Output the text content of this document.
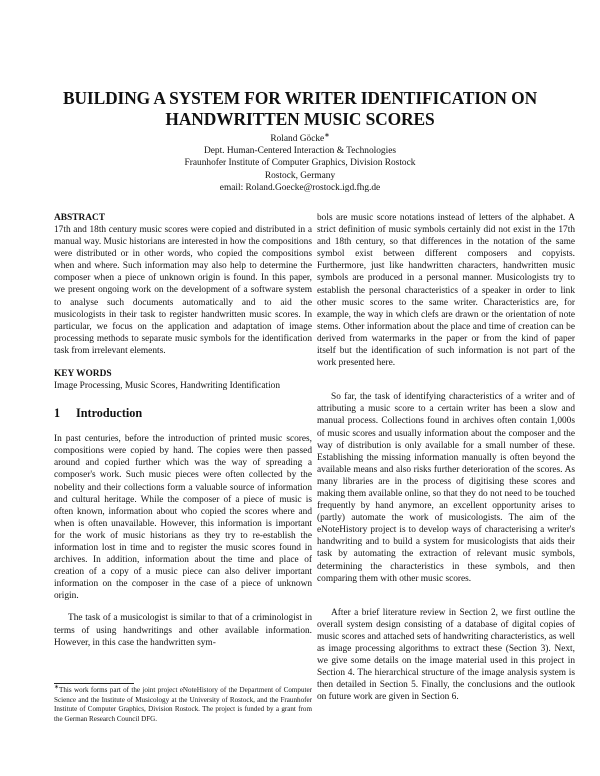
BUILDING A SYSTEM FOR WRITER IDENTIFICATION ON
HANDWRITTEN MUSIC SCORES
Roland Göcke∗
Dept. Human-Centered Interaction & Technologies
Fraunhofer Institute of Computer Graphics, Division Rostock
Rostock, Germany
email: Roland.Goecke@rostock.igd.fhg.de
ABSTRACT

17th and 18th century music scores were copied and distributed in a manual way. Music historians are interested in how the compositions were distributed or in other words, who copied the compositions when and where. Such information may also help to determine the composer when a piece of unknown origin is found. In this paper, we present ongoing work on the development of a software system to analyse such documents automatically and to aid the musicologists in their task to register handwritten music scores. In particular, we focus on the application and adaptation of image processing methods to separate music symbols for the identification task from irrelevant elements.

KEY WORDS

Image Processing, Music Scores, Handwriting Identification

1 Introduction

In past centuries, before the introduction of printed music scores, compositions were copied by hand. The copies were then passed around and copied further which was the way of spreading a composer's work. Such music pieces were often collected by the nobelity and their collections form a valuable source of information and cultural heritage. While the composer of a piece of music is often known, information about who copied the scores where and when is often unavailable. However, this information is important for the work of music historians as they try to re-establish the information lost in time and to register the music scores found in archives. In addition, information about the time and place of creation of a copy of a music piece can also deliver important information on the composer in the case of a piece of unknown origin.

The task of a musicologist is similar to that of a criminologist in terms of using handwritings and other available information. However, in this case the handwritten sym-

bols are music score notations instead of letters of the alphabet. A strict definition of music symbols certainly did not exist in the 17th and 18th century, so that differences in the notation of the same symbol exist between different composers and copyists. Furthermore, just like handwritten characters, handwritten music symbols are produced in a personal manner. Musicologists try to establish the personal characteristics of a speaker in order to link other music scores to the same writer. Characteristics are, for example, the way in which clefs are drawn or the orientation of note stems. Other information about the place and time of creation can be derived from watermarks in the paper or from the kind of paper itself but the identification of such information is not part of the work presented here.

So far, the task of identifying characteristics of a writer and of attributing a music score to a certain writer has been a slow and manual process. Collections found in archives often contain 1,000s of music scores and usually information about the composer and the way of distribution is only available for a small number of these. Establishing the missing information manually is often beyond the available means and also risks further deterioration of the scores. As many libraries are in the process of digitising these scores and making them available online, so that they do not need to be touched frequently by hand anymore, an excellent opportunity arises to (partly) automate the work of musicologists. The aim of the eNoteHistory project is to develop ways of characterising a writer's handwriting and to build a system for musicologists that aids their task by automating the extraction of relevant music symbols, determining the characteristics in these symbols, and then comparing them with other music scores.

After a brief literature review in Section 2, we first outline the overall system design consisting of a database of digital copies of music scores and attached sets of handwriting characteristics, as well as image processing algorithms to extract these (Section 3). Next, we give some details on the image material used in this project in Section 4. The hierarchical structure of the image analysis system is then detailed in Section 5. Finally, the conclusions and the outlook on future work are given in Section 6.

∗This work forms part of the joint project eNoteHistory of the Department of Computer Science and the Institute of Musicology at the University of Rostock, and the Fraunhofer Institute of Computer Graphics, Division Rostock. The project is funded by a grant from the German Research Council DFG.
